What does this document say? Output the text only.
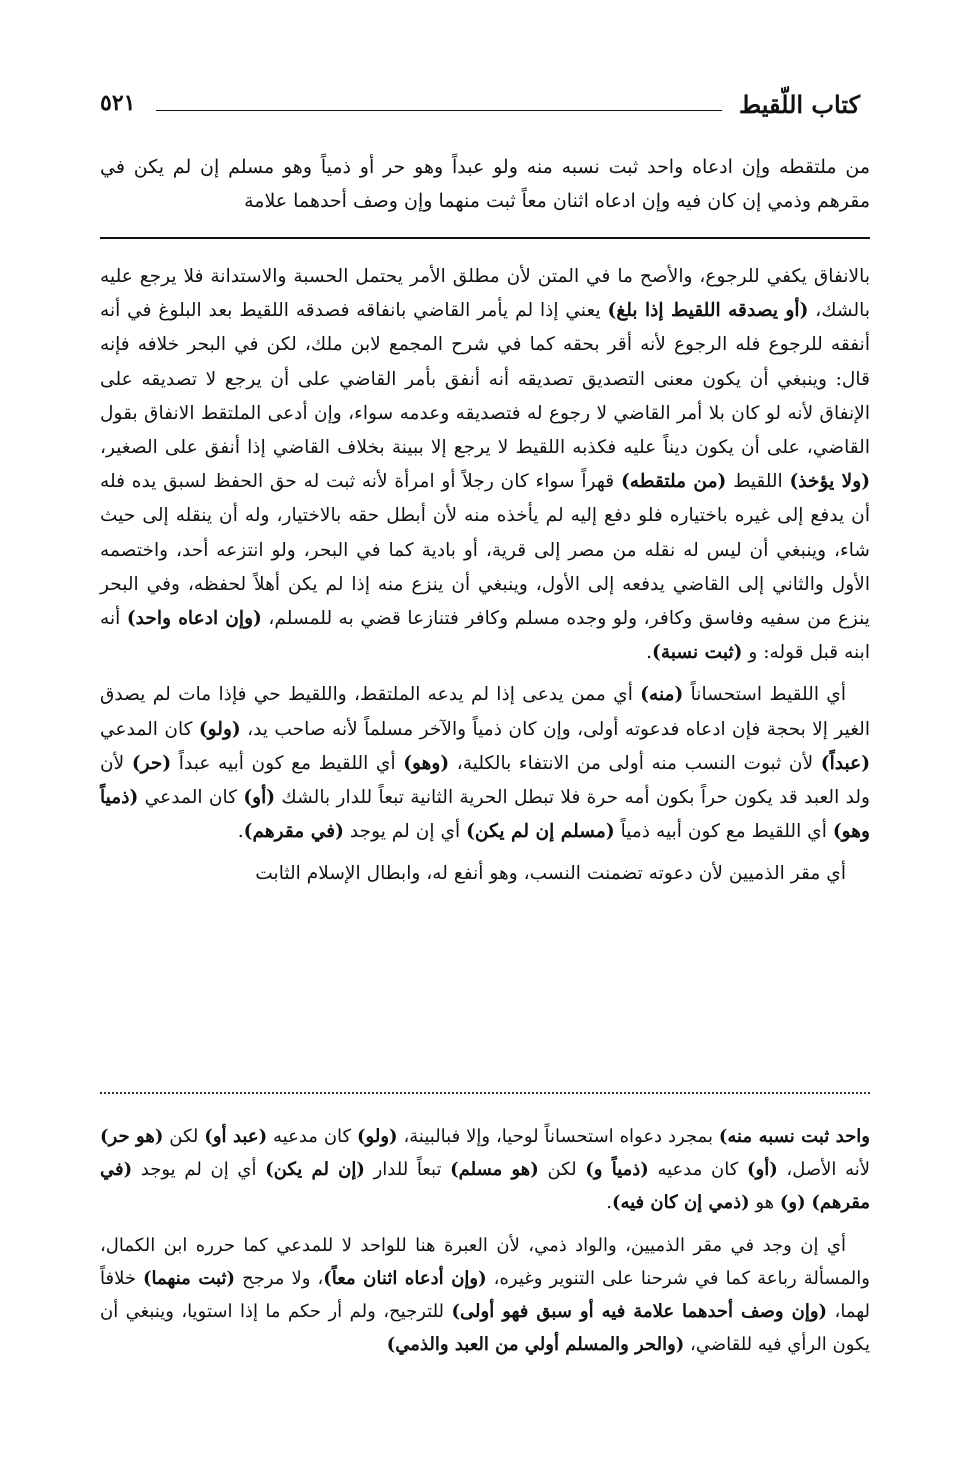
كتاب اللّقيط
٥٢١

من ملتقطه وإن ادعاه واحد ثبت نسبه منه ولو عبداً وهو حر أو ذمياً وهو مسلم إن لم يكن في مقرهم وذمي إن كان فيه وإن ادعاه اثنان معاً ثبت منهما وإن وصف أحدهما علامة

بالانفاق يكفي للرجوع، والأصح ما في المتن لأن مطلق الأمر يحتمل الحسبة والاستدانة فلا يرجع عليه بالشك، (أو يصدقه اللقيط إذا بلغ) يعني إذا لم يأمر القاضي بانفاقه فصدقه اللقيط بعد البلوغ في أنه أنفقه للرجوع فله الرجوع لأنه أقر بحقه كما في شرح المجمع لابن ملك، لكن في البحر خلافه فإنه قال: وينبغي أن يكون معنى التصديق تصديقه أنه أنفق بأمر القاضي على أن يرجع لا تصديقه على الإنفاق لأنه لو كان بلا أمر القاضي لا رجوع له فتصديقه وعدمه سواء، وإن أدعى الملتقط الانفاق بقول القاضي، على أن يكون ديناً عليه فكذبه اللقيط لا يرجع إلا ببينة بخلاف القاضي إذا أنفق على الصغير، (ولا يؤخذ) اللقيط (من ملتقطه) قهراً سواء كان رجلاً أو امرأة لأنه ثبت له حق الحفظ لسبق يده فله أن يدفع إلى غيره باختياره فلو دفع إليه لم يأخذه منه لأن أبطل حقه بالاختيار، وله أن ينقله إلى حيث شاء، وينبغي أن ليس له نقله من مصر إلى قرية، أو بادية كما في البحر، ولو انتزعه أحد، واختصمه الأول والثاني إلى القاضي يدفعه إلى الأول، وينبغي أن ينزع منه إذا لم يكن أهلاً لحفظه، وفي البحر ينزع من سفيه وفاسق وكافر، ولو وجده مسلم وكافر فتنازعا قضي به للمسلم، (وإن ادعاه واحد) أنه ابنه قبل قوله: و (ثبت نسبة).

أي اللقيط استحساناً (منه) أي ممن يدعى إذا لم يدعه الملتقط، واللقيط حي فإذا مات لم يصدق الغير إلا بحجة فإن ادعاه فدعوته أولى، وإن كان ذمياً والآخر مسلماً لأنه صاحب يد، (ولو) كان المدعي (عبداً) لأن ثبوت النسب منه أولى من الانتفاء بالكلية، (وهو) أي اللقيط مع كون أبيه عبداً (حر) لأن ولد العبد قد يكون حراً بكون أمه حرة فلا تبطل الحرية الثانية تبعاً للدار بالشك (أو) كان المدعي (ذمياً وهو) أي اللقيط مع كون أبيه ذمياً (مسلم إن لم يكن) أي إن لم يوجد (في مقرهم).

أي مقر الذميين لأن دعوته تضمنت النسب، وهو أنفع له، وابطال الإسلام الثابت

واحد ثبت نسبه منه) بمجرد دعواه استحساناً لوحيا، وإلا فبالبينة، (ولو) كان مدعيه (عبد أو) لكن (هو حر) لأنه الأصل، (أو) كان مدعيه (ذمياً و) لكن (هو مسلم) تبعاً للدار (إن لم يكن) أي إن لم يوجد (في مقرهم) (و) هو (ذمي إن كان فيه).

أي إن وجد في مقر الذميين، والواد ذمي، لأن العبرة هنا للواحد لا للمدعي كما حرره ابن الكمال، والمسألة رباعة كما في شرحنا على التنوير وغيره، (وإن أدعاه اثنان معاً)، ولا مرجح (ثبت منهما) خلافاً لهما، (وإن وصف أحدهما علامة فيه أو سبق فهو أولى) للترجيح، ولم أر حكم ما إذا استويا، وينبغي أن يكون الرأي فيه للقاضي، (والحر والمسلم أولي من العبد والذمي)
